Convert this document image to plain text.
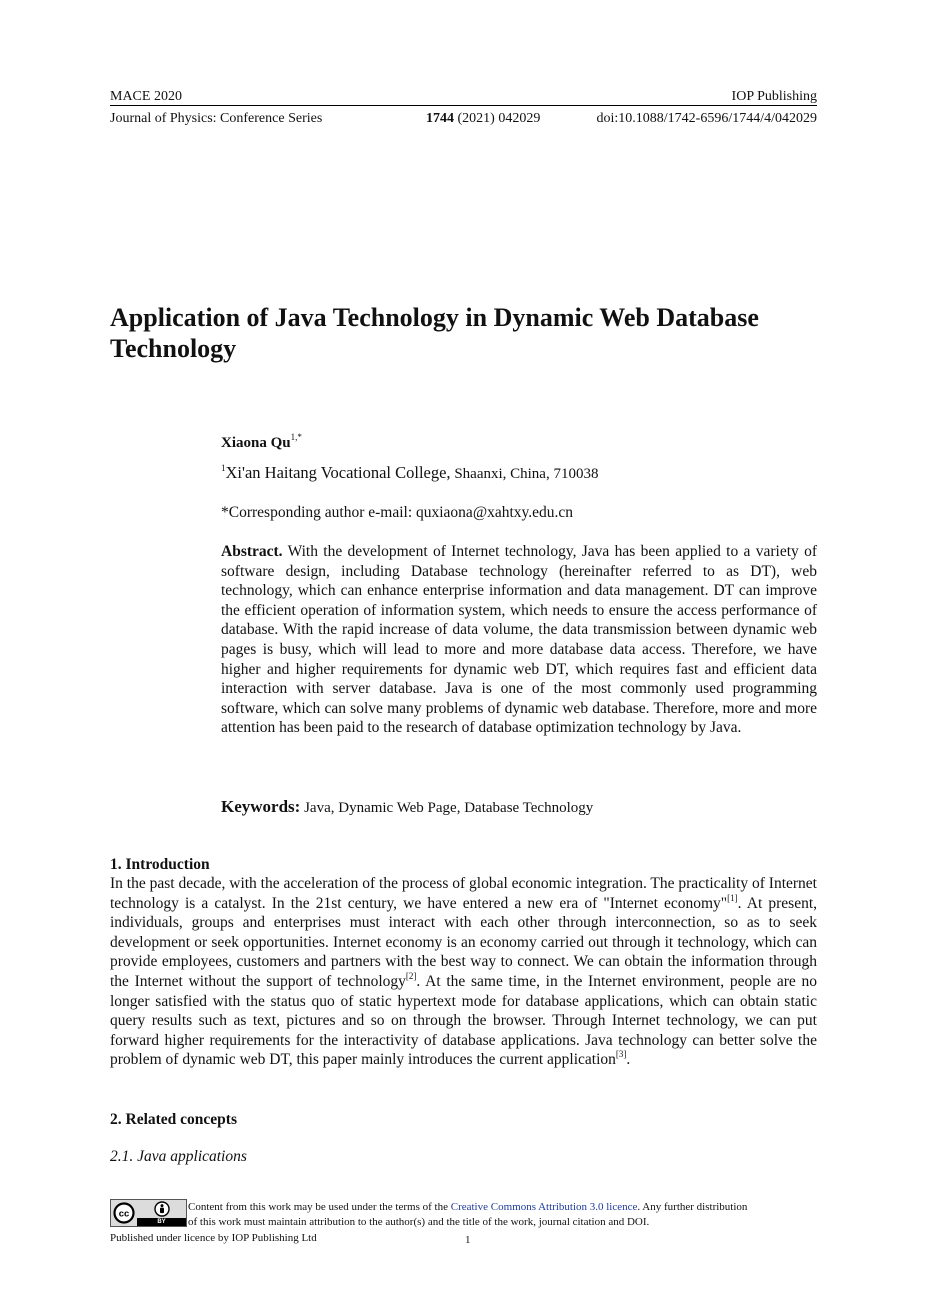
MACE 2020	IOP Publishing
Journal of Physics: Conference Series	1744 (2021) 042029	doi:10.1088/1742-6596/1744/4/042029
Application of Java Technology in Dynamic Web Database Technology
Xiaona $Qu^{1,*}$
$^1$Xi'an Haitang Vocational College, Shaanxi, China, 710038
*Corresponding author e-mail: quxiaona@xahtxy.edu.cn
Abstract. With the development of Internet technology, Java has been applied to a variety of software design, including Database technology (hereinafter referred to as DT), web technology, which can enhance enterprise information and data management. DT can improve the efficient operation of information system, which needs to ensure the access performance of database. With the rapid increase of data volume, the data transmission between dynamic web pages is busy, which will lead to more and more database data access. Therefore, we have higher and higher requirements for dynamic web DT, which requires fast and efficient data interaction with server database. Java is one of the most commonly used programming software, which can solve many problems of dynamic web database. Therefore, more and more attention has been paid to the research of database optimization technology by Java.
Keywords: Java, Dynamic Web Page, Database Technology
1. Introduction
In the past decade, with the acceleration of the process of global economic integration. The practicality of Internet technology is a catalyst. In the 21st century, we have entered a new era of "Internet economy"[1]. At present, individuals, groups and enterprises must interact with each other through interconnection, so as to seek development or seek opportunities. Internet economy is an economy carried out through it technology, which can provide employees, customers and partners with the best way to connect. We can obtain the information through the Internet without the support of technology[2]. At the same time, in the Internet environment, people are no longer satisfied with the status quo of static hypertext mode for database applications, which can obtain static query results such as text, pictures and so on through the browser. Through Internet technology, we can put forward higher requirements for the interactivity of database applications. Java technology can better solve the problem of dynamic web DT, this paper mainly introduces the current application[3].
2. Related concepts
2.1. Java applications
cc
BY
Content from this work may be used under the terms of the Creative Commons Attribution 3.0 licence. Any further distribution
of this work must maintain attribution to the author(s) and the title of the work, journal citation and DOI.
Published under licence by IOP Publishing Ltd	1
